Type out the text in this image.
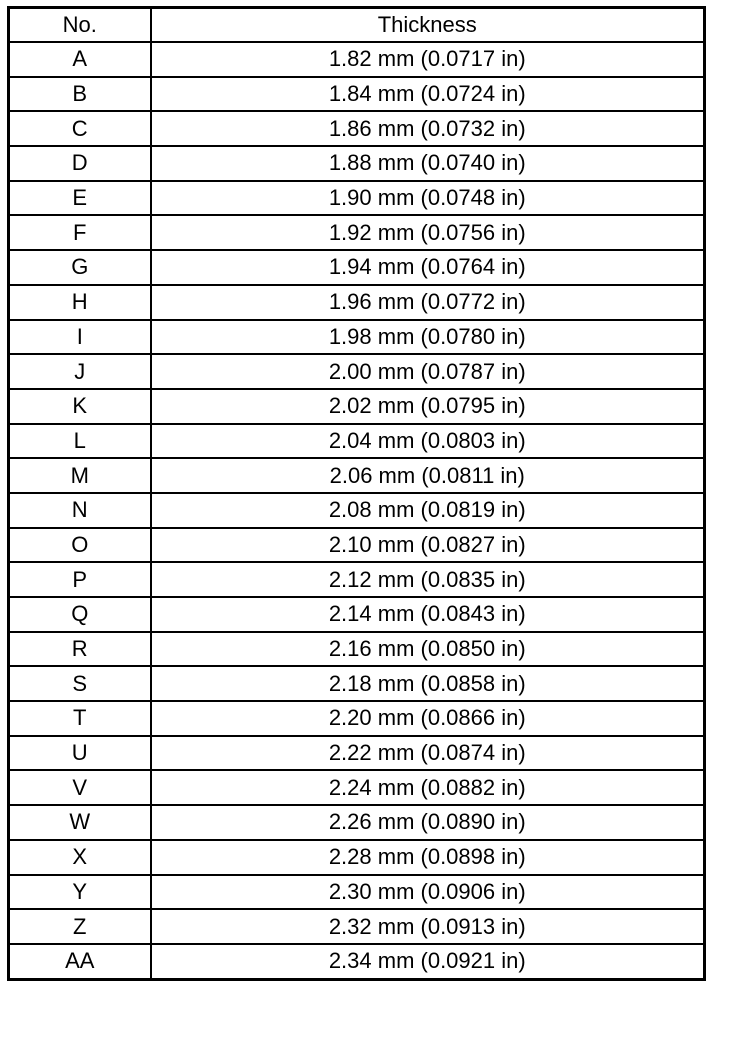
No.	Thickness
A	1.82 mm (0.0717 in)
B	1.84 mm (0.0724 in)
C	1.86 mm (0.0732 in)
D	1.88 mm (0.0740 in)
E	1.90 mm (0.0748 in)
F	1.92 mm (0.0756 in)
G	1.94 mm (0.0764 in)
H	1.96 mm (0.0772 in)
I	1.98 mm (0.0780 in)
J	2.00 mm (0.0787 in)
K	2.02 mm (0.0795 in)
L	2.04 mm (0.0803 in)
M	2.06 mm (0.0811 in)
N	2.08 mm (0.0819 in)
O	2.10 mm (0.0827 in)
P	2.12 mm (0.0835 in)
Q	2.14 mm (0.0843 in)
R	2.16 mm (0.0850 in)
S	2.18 mm (0.0858 in)
T	2.20 mm (0.0866 in)
U	2.22 mm (0.0874 in)
V	2.24 mm (0.0882 in)
W	2.26 mm (0.0890 in)
X	2.28 mm (0.0898 in)
Y	2.30 mm (0.0906 in)
Z	2.32 mm (0.0913 in)
AA	2.34 mm (0.0921 in)
